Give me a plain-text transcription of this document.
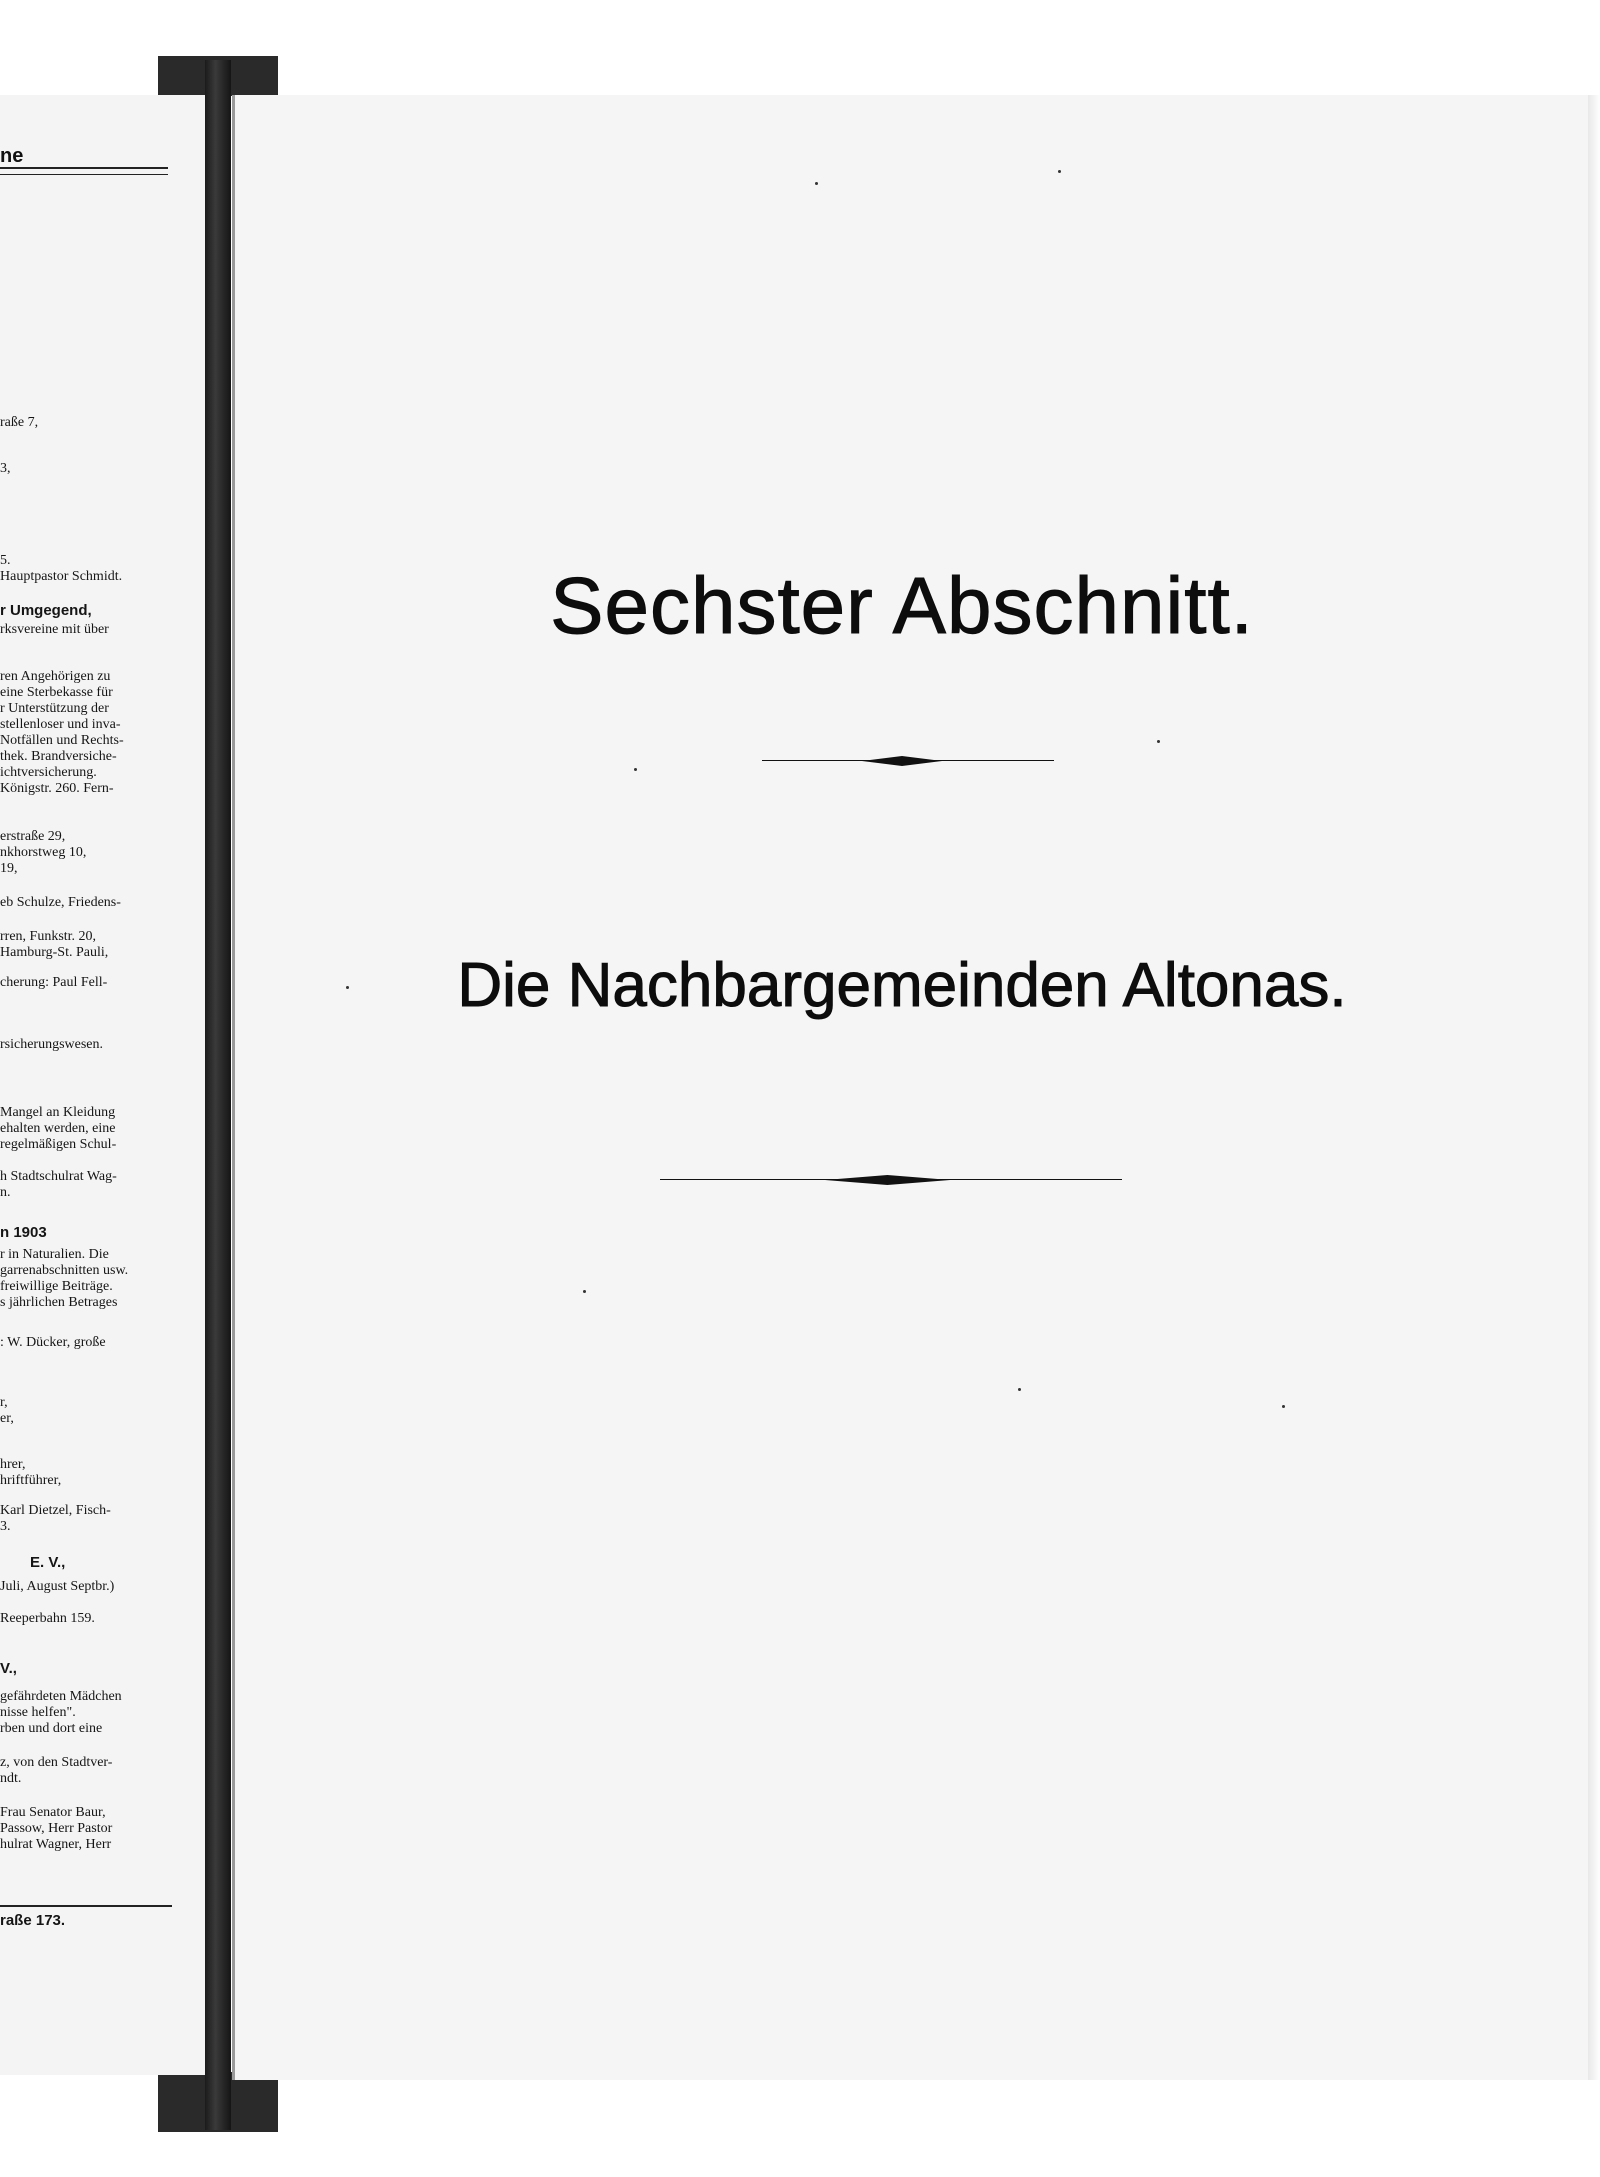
ne
raße 7,
3,
5.
Hauptpastor Schmidt.
r Umgegend,
rksvereine mit über
ren Angehörigen zu
eine Sterbekasse für
r Unterstützung der
stellenloser und inva-
Notfällen und Rechts-
thek. Brandversiche-
ichtversicherung.
Königstr. 260. Fern-
erstraße 29,
nkhorstweg 10,
19,
eb Schulze, Friedens-
rren, Funkstr. 20,
Hamburg-St. Pauli,
cherung: Paul Fell-
rsicherungswesen.
Mangel an Kleidung
ehalten werden, eine
regelmäßigen Schul-
h Stadtschulrat Wag-
n.
n 1903
r in Naturalien. Die
garrenabschnitten usw.
freiwillige Beiträge.
s jährlichen Betrages
: W. Dücker, große
r,
er,
hrer,
hriftführer,
Karl Dietzel, Fisch-
3.
E. V.,
Juli, August Septbr.)
Reeperbahn 159.
V.,
gefährdeten Mädchen
nisse helfen".
rben und dort eine
z, von den Stadtver-
ndt.
Frau Senator Baur,
Passow, Herr Pastor
hulrat Wagner, Herr
raße 173.
Sechster Abschnitt.
Die Nachbargemeinden Altonas.
